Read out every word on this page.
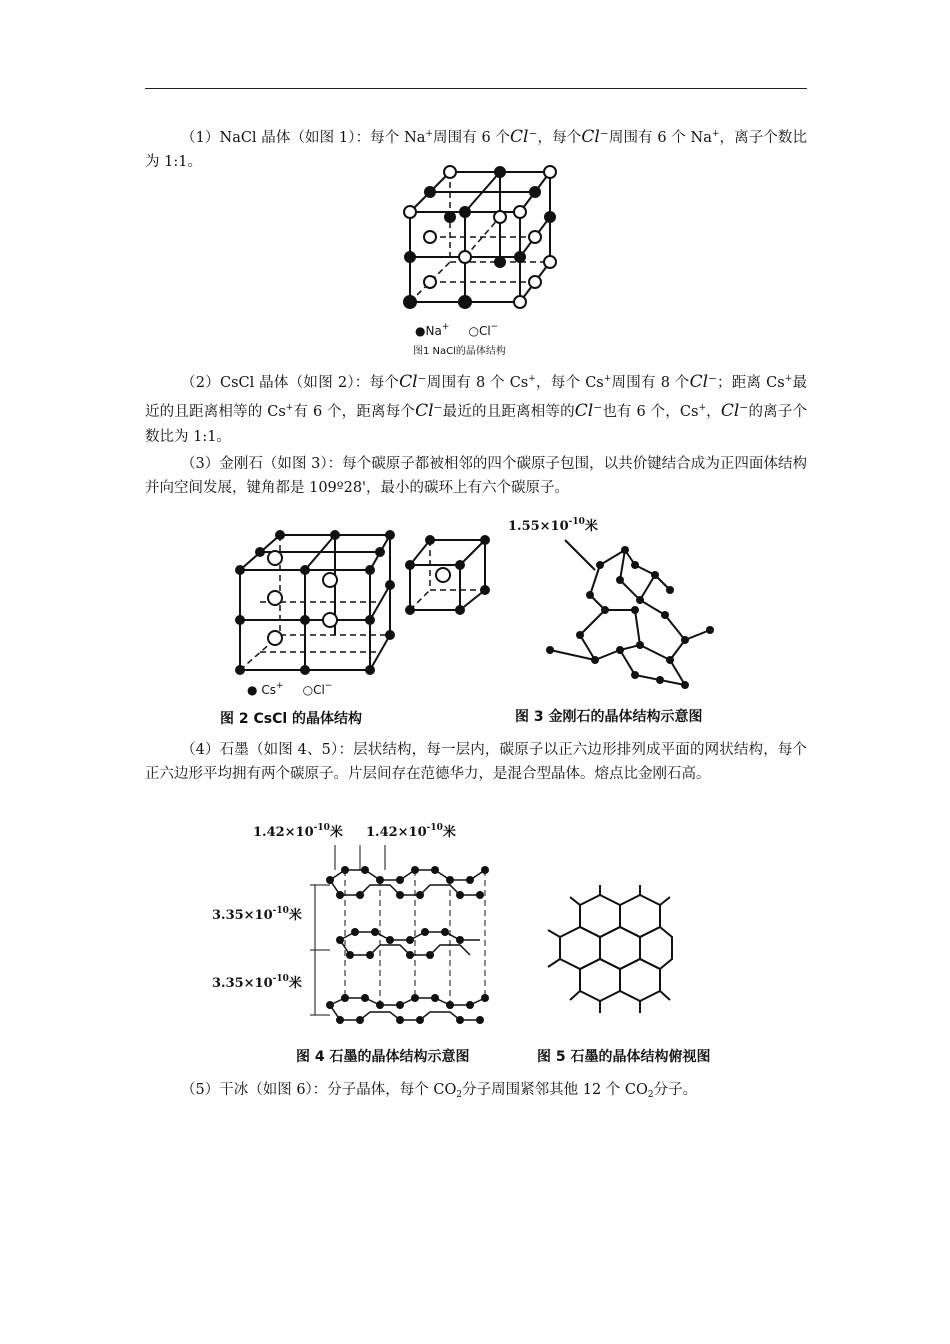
（1）NaCl 晶体（如图 1）：每个 Na+周围有 6 个Cl⁻，每个Cl⁻周围有 6 个 Na+，离子个数比为 1:1。
●Na+ ○Cl−
图1 NaCl的晶体结构
（2）CsCl 晶体（如图 2）：每个Cl⁻周围有 8 个 Cs+，每个 Cs+周围有 8 个Cl⁻；距离 Cs+最近的且距离相等的 Cs+有 6 个，距离每个Cl⁻最近的且距离相等的Cl⁻也有 6 个，Cs+，Cl⁻的离子个数比为 1:1。
（3）金刚石（如图 3）：每个碳原子都被相邻的四个碳原子包围，以共价键结合成为正四面体结构并向空间发展，键角都是 109º28'，最小的碳环上有六个碳原子。
● Cs+ ○Cl−
图 2 CsCl 的晶体结构
$1.55\times 10^{-10}$米
图 3 金刚石的晶体结构示意图
（4）石墨（如图 4、5）：层状结构，每一层内，碳原子以正六边形排列成平面的网状结构，每个正六边形平均拥有两个碳原子。片层间存在范德华力，是混合型晶体。熔点比金刚石高。
$1.42\times 10^{-10}$米 $1.42\times 10^{-10}$米
$3.35\times 10^{-10}$米
$3.35\times 10^{-10}$米
图 4 石墨的晶体结构示意图	图 5 石墨的晶体结构俯视图
（5）干冰（如图 6）：分子晶体，每个 $CO_2$分子周围紧邻其他 12 个 $CO_2$分子。
